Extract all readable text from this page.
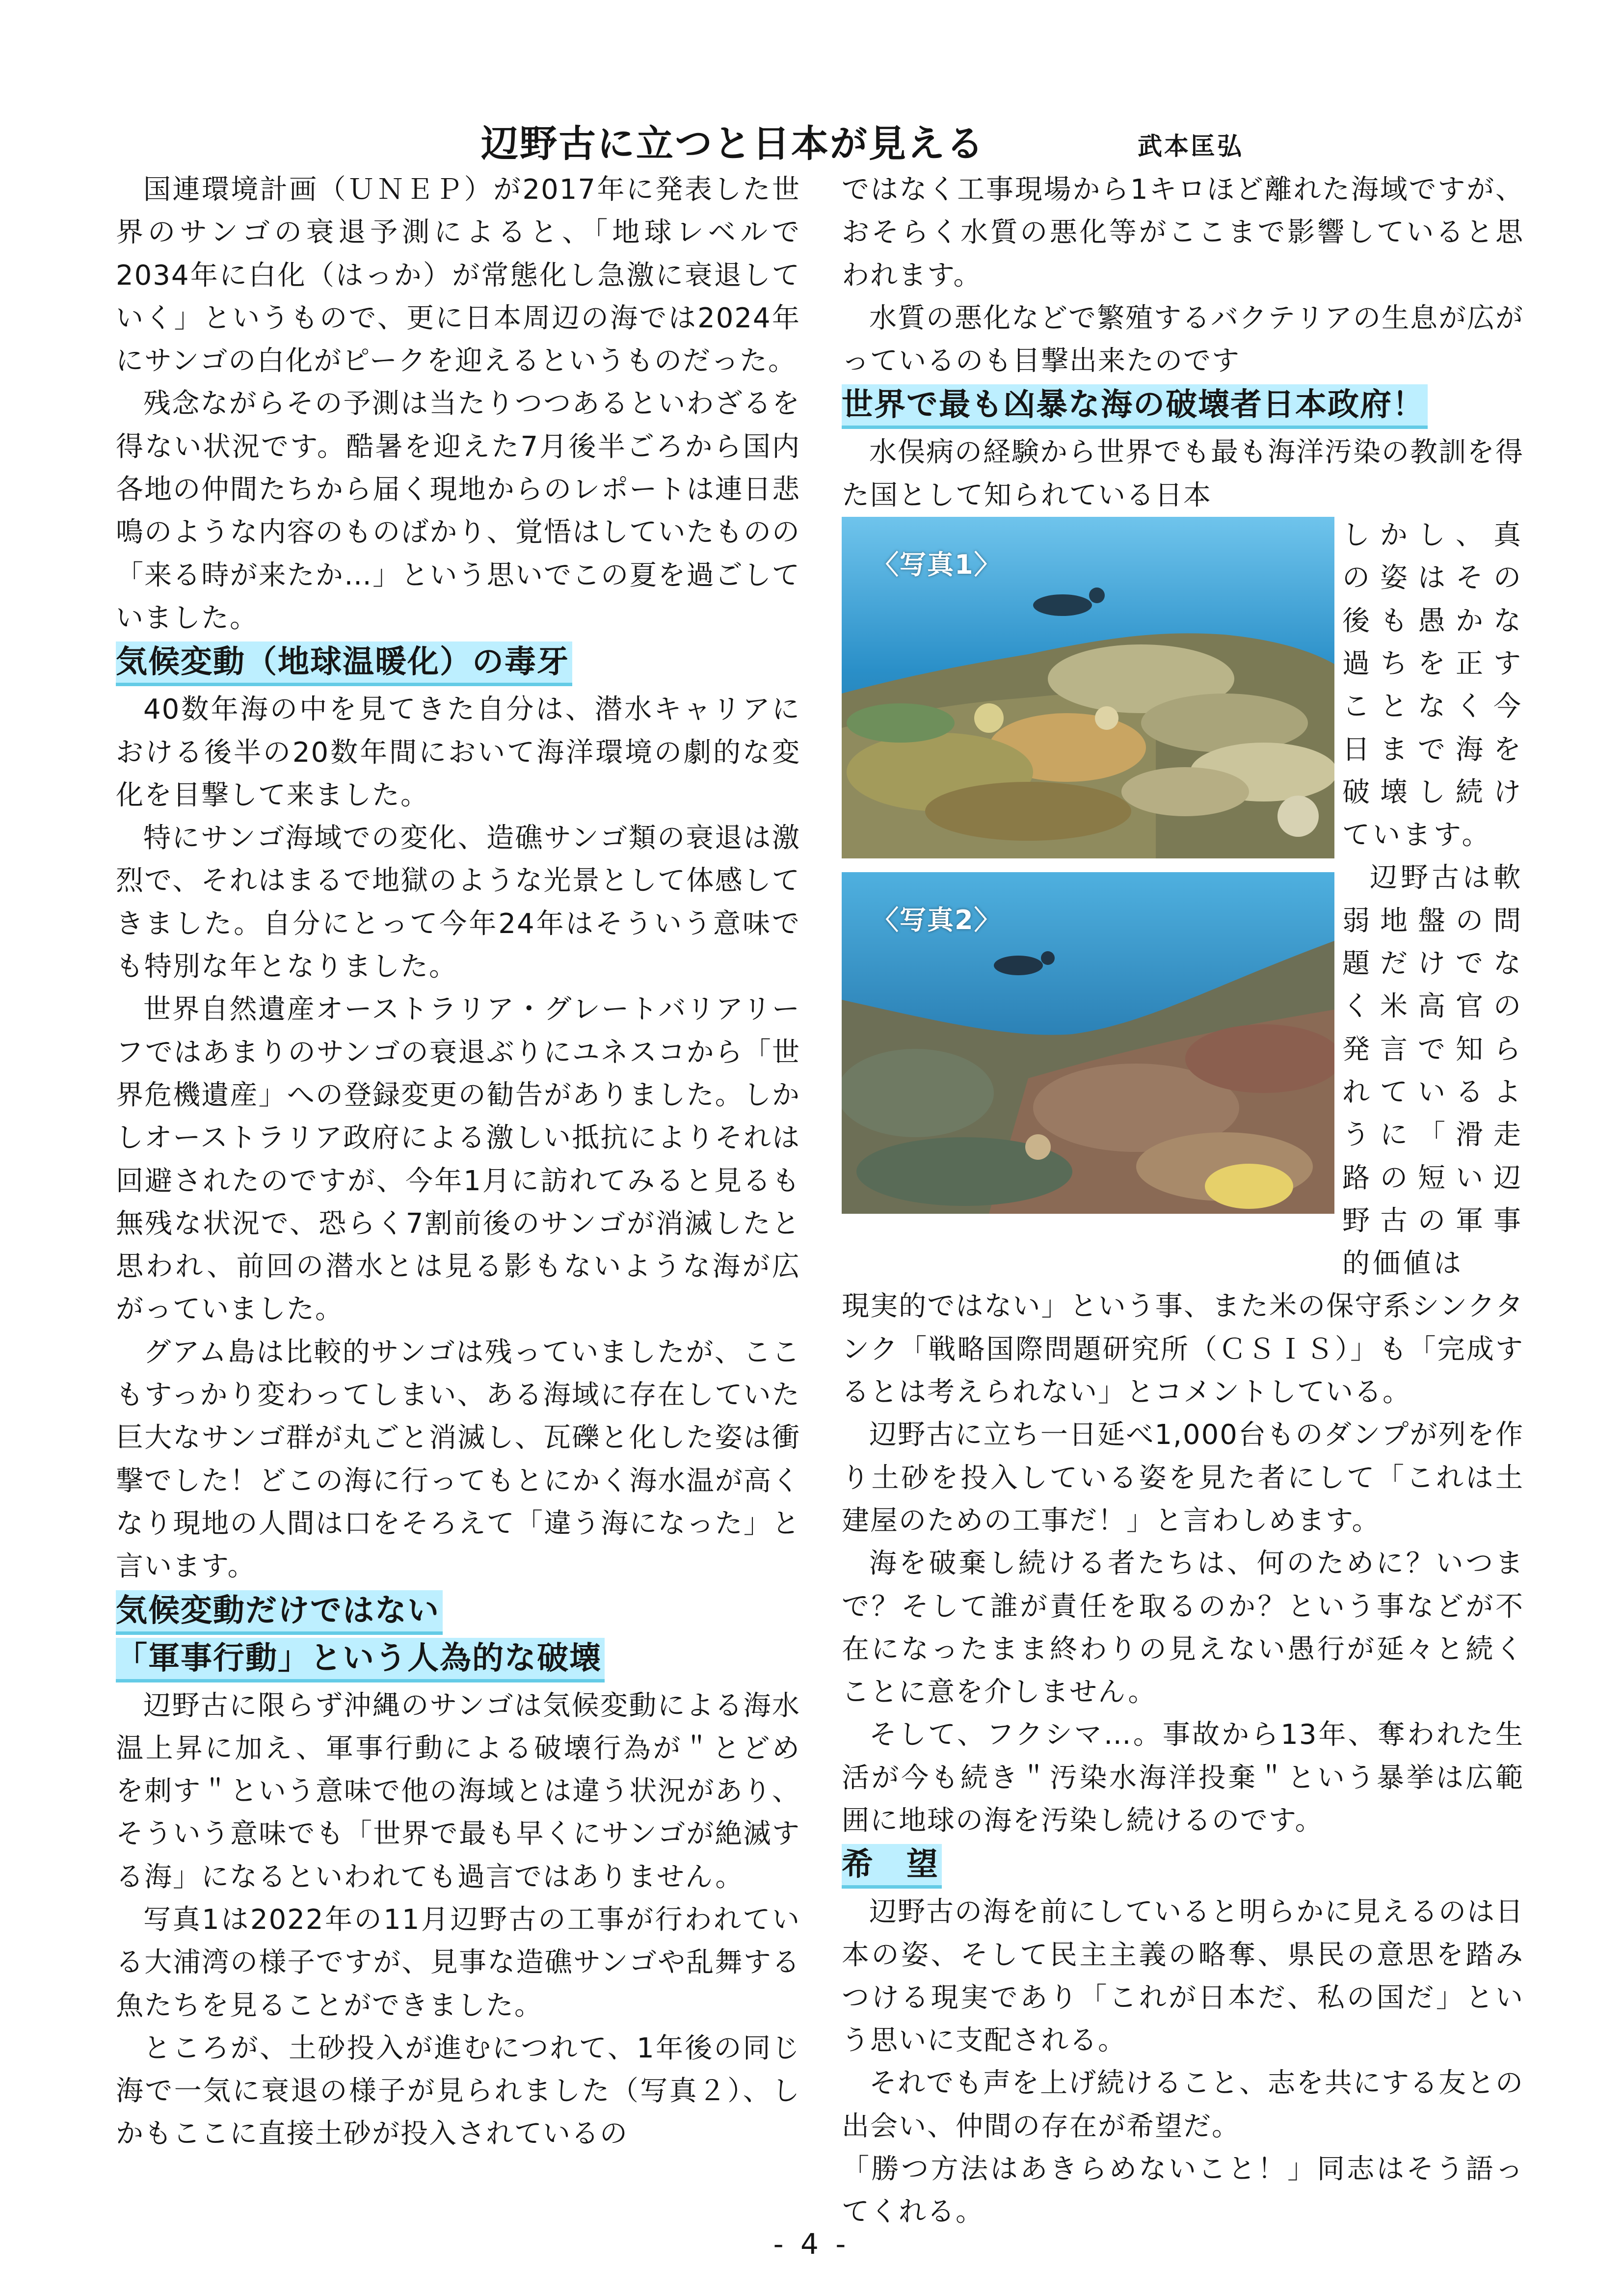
辺野古に立つと日本が見える	武本匡弘

国連環境計画（ＵＮＥＰ）が2017年に発表した世界のサンゴの衰退予測によると、「地球レベルで2034年に白化（はっか）が常態化し急激に衰退していく」というもので、更に日本周辺の海では2024年にサンゴの白化がピークを迎えるというものだった。

残念ながらその予測は当たりつつあるといわざるを得ない状況です。酷暑を迎えた7月後半ごろから国内各地の仲間たちから届く現地からのレポートは連日悲鳴のような内容のものばかり、覚悟はしていたものの「来る時が来たか…」という思いでこの夏を過ごしていました。

気候変動（地球温暖化）の毒牙

40数年海の中を見てきた自分は、潜水キャリアにおける後半の20数年間において海洋環境の劇的な変化を目撃して来ました。

特にサンゴ海域での変化、造礁サンゴ類の衰退は激烈で、それはまるで地獄のような光景として体感してきました。自分にとって今年24年はそういう意味でも特別な年となりました。

世界自然遺産オーストラリア・グレートバリアリーフではあまりのサンゴの衰退ぶりにユネスコから「世界危機遺産」への登録変更の勧告がありました。しかしオーストラリア政府による激しい抵抗によりそれは回避されたのですが、今年1月に訪れてみると見るも無残な状況で、恐らく7割前後のサンゴが消滅したと思われ、前回の潜水とは見る影もないような海が広がっていました。

グアム島は比較的サンゴは残っていましたが、ここもすっかり変わってしまい、ある海域に存在していた巨大なサンゴ群が丸ごと消滅し、瓦礫と化した姿は衝撃でした！どこの海に行ってもとにかく海水温が高くなり現地の人間は口をそろえて「違う海になった」と言います。

気候変動だけではない
「軍事行動」という人為的な破壊

辺野古に限らず沖縄のサンゴは気候変動による海水温上昇に加え、軍事行動による破壊行為が＂とどめを刺す＂という意味で他の海域とは違う状況があり、そういう意味でも「世界で最も早くにサンゴが絶滅する海」になるといわれても過言ではありません。

写真1は2022年の11月辺野古の工事が行われている大浦湾の様子ですが、見事な造礁サンゴや乱舞する魚たちを見ることができました。

ところが、土砂投入が進むにつれて、1年後の同じ海で一気に衰退の様子が見られました（写真２）、しかもここに直接土砂が投入されているの

ではなく工事現場から1キロほど離れた海域ですが、おそらく水質の悪化等がここまで影響していると思われます。

水質の悪化などで繁殖するバクテリアの生息が広がっているのも目撃出来たのです

世界で最も凶暴な海の破壊者日本政府！

水俣病の経験から世界でも最も海洋汚染の教訓を得た国として知られている日本

〈写真1〉
〈写真2〉
しかし、真の姿はその後も愚かな過ちを正すことなく今日まで海を破壊し続けています。
辺野古は軟弱地盤の問題だけでなく米高官の発言で知られているように「滑走路の短い辺野古の軍事的価値は

現実的ではない」という事、また米の保守系シンクタンク「戦略国際問題研究所（ＣＳＩＳ）」も「完成するとは考えられない」とコメントしている。

辺野古に立ち一日延べ1,000台ものダンプが列を作り土砂を投入している姿を見た者にして「これは土建屋のための工事だ！」と言わしめます。

海を破棄し続ける者たちは、何のために？いつまで？そして誰が責任を取るのか？という事などが不在になったまま終わりの見えない愚行が延々と続くことに意を介しません。

そして、フクシマ…。事故から13年、奪われた生活が今も続き＂汚染水海洋投棄＂という暴挙は広範囲に地球の海を汚染し続けるのです。

希　望

辺野古の海を前にしていると明らかに見えるのは日本の姿、そして民主主義の略奪、県民の意思を踏みつける現実であり「これが日本だ、私の国だ」という思いに支配される。

それでも声を上げ続けること、志を共にする友との出会い、仲間の存在が希望だ。

「勝つ方法はあきらめないこと！」同志はそう語ってくれる。

- 4 -
